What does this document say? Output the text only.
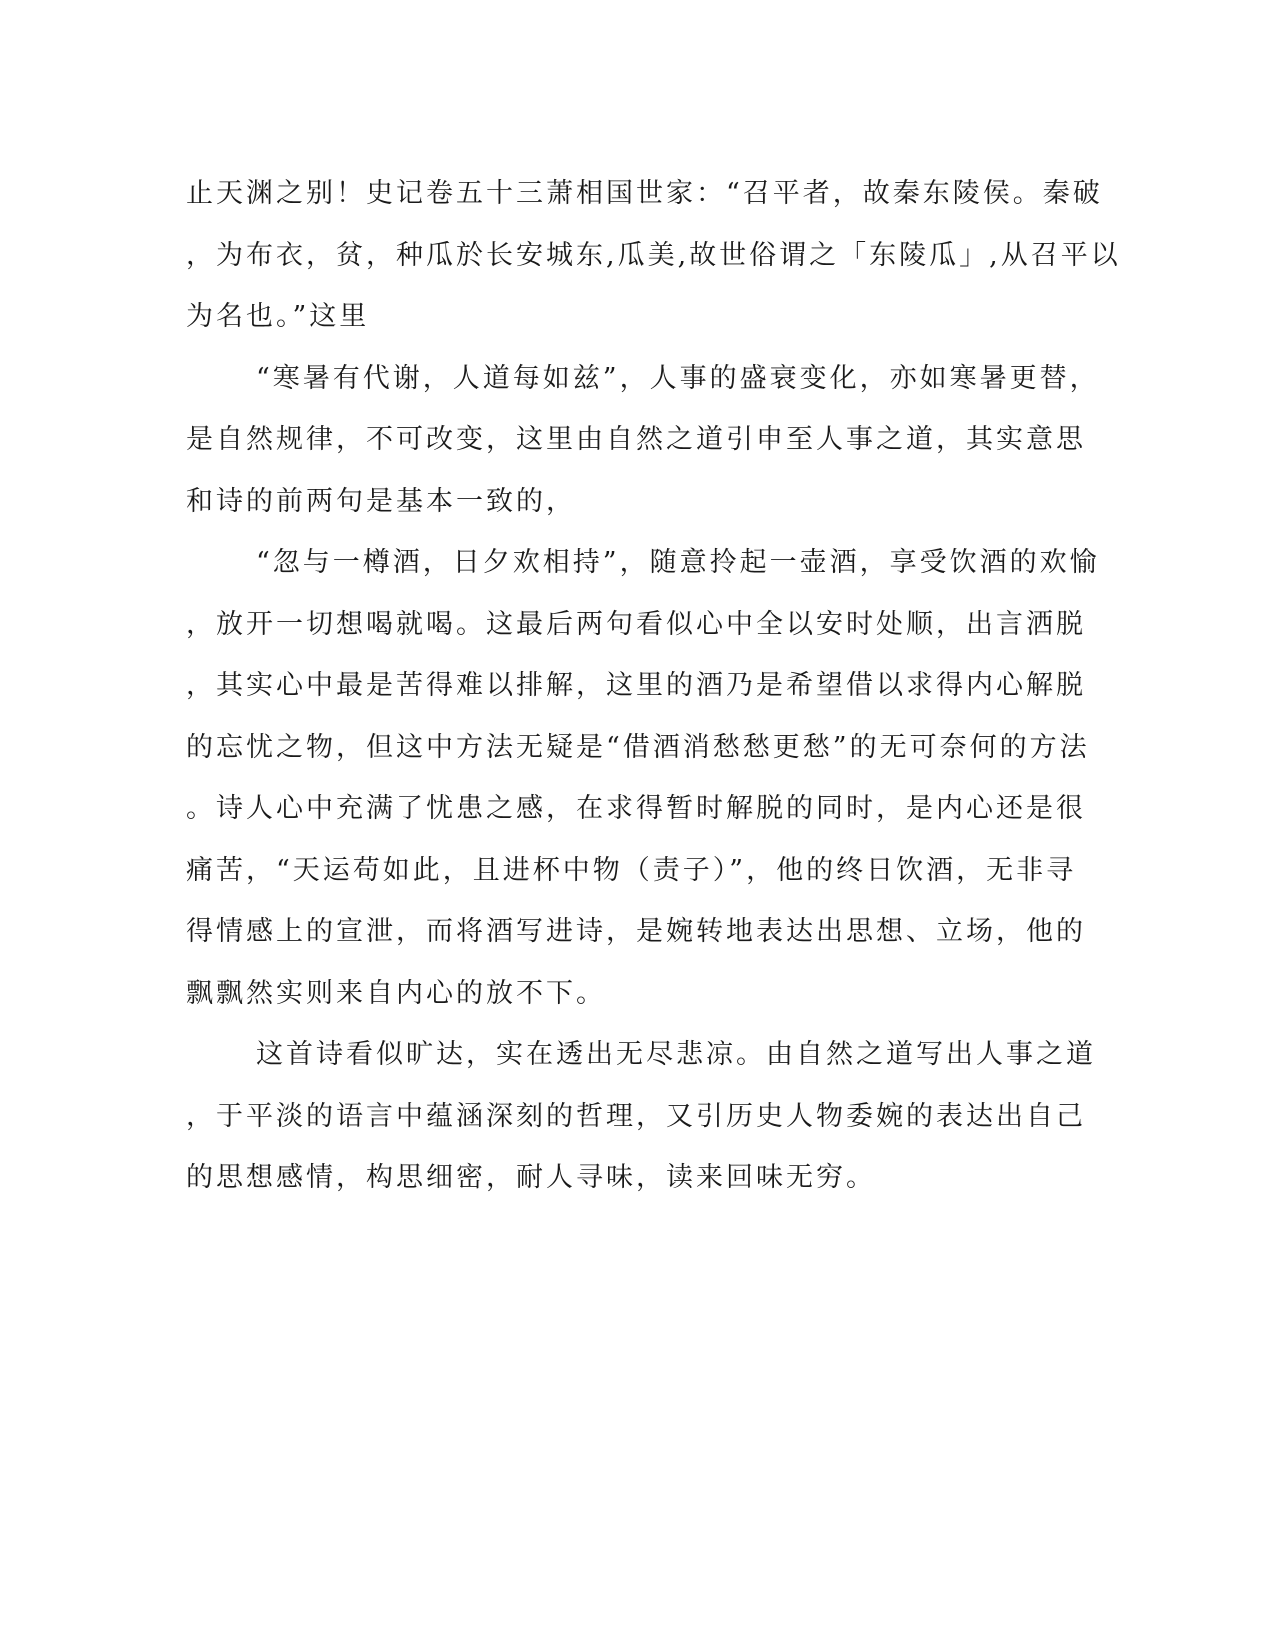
止天渊之别！史记卷五十三萧相国世家：“召平者，故秦东陵侯。秦破
，为布衣，贫，种瓜於长安城东,瓜美,故世俗谓之「东陵瓜」,从召平以
为名也。”这里
“寒暑有代谢，人道每如兹”，人事的盛衰变化，亦如寒暑更替，
是自然规律，不可改变，这里由自然之道引申至人事之道，其实意思
和诗的前两句是基本一致的，
“忽与一樽酒，日夕欢相持”，随意拎起一壶酒，享受饮酒的欢愉
，放开一切想喝就喝。这最后两句看似心中全以安时处顺，出言洒脱
，其实心中最是苦得难以排解，这里的酒乃是希望借以求得内心解脱
的忘忧之物，但这中方法无疑是“借酒消愁愁更愁”的无可奈何的方法
。诗人心中充满了忧患之感，在求得暂时解脱的同时，是内心还是很
痛苦，“天运苟如此，且进杯中物（责子）”，他的终日饮酒，无非寻
得情感上的宣泄，而将酒写进诗，是婉转地表达出思想、立场，他的
飘飘然实则来自内心的放不下。
这首诗看似旷达，实在透出无尽悲凉。由自然之道写出人事之道
，于平淡的语言中蕴涵深刻的哲理，又引历史人物委婉的表达出自己
的思想感情，构思细密，耐人寻味，读来回味无穷。
